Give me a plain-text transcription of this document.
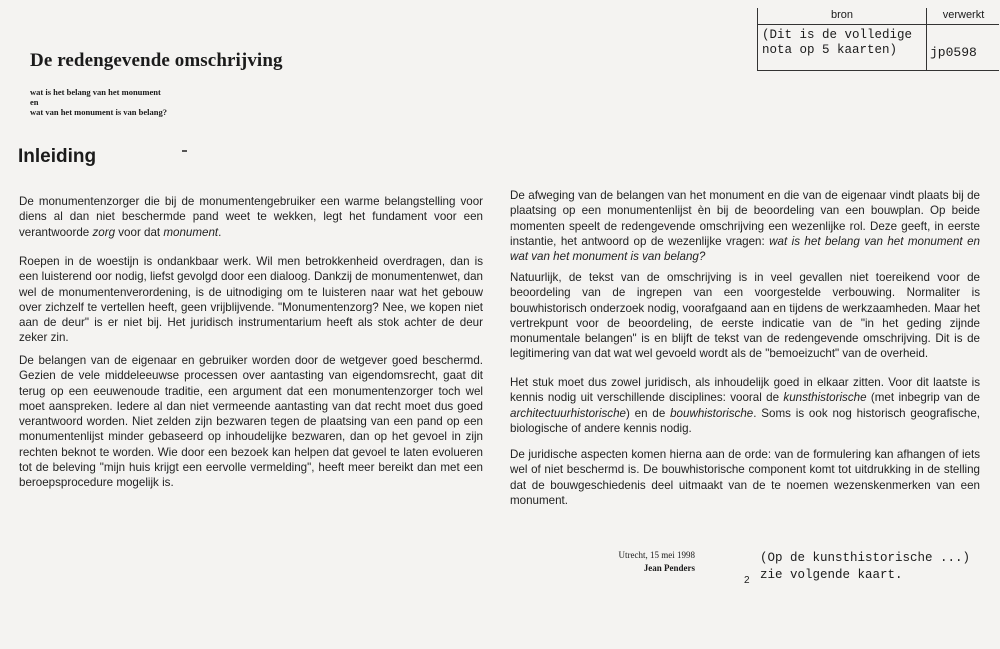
bron	verwerkt
(Dit is de volledige
nota op 5 kaarten)	jp0598
De redengevende omschrijving
wat is het belang van het monument
en
wat van het monument is van belang?
Inleiding

De monumentenzorger die bij de monumentengebruiker een warme belangstelling voor diens al dan niet beschermde pand weet te wekken, legt het fundament voor een verantwoorde zorg voor dat monument.

Roepen in de woestijn is ondankbaar werk. Wil men betrokkenheid overdragen, dan is een luisterend oor nodig, liefst gevolgd door een dialoog. Dankzij de monumentenwet, dan wel de monumentenverordening, is de uitnodiging om te luisteren naar wat het gebouw over zichzelf te vertellen heeft, geen vrijblijvende. "Monumentenzorg? Nee, we kopen niet aan de deur" is er niet bij. Het juridisch instrumentarium heeft als stok achter de deur zeker zin.

De belangen van de eigenaar en gebruiker worden door de wetgever goed beschermd. Gezien de vele middeleeuwse processen over aantasting van eigendomsrecht, gaat dit terug op een eeuwenoude traditie, een argument dat een monumentenzorger toch wel moet aanspreken. Iedere al dan niet vermeende aantasting van dat recht moet dus goed verantwoord worden. Niet zelden zijn bezwaren tegen de plaatsing van een pand op een monumentenlijst minder gebaseerd op inhoudelijke bezwaren, dan op het gevoel in zijn rechten beknot te worden. Wie door een bezoek kan helpen dat gevoel te laten evolueren tot de beleving "mijn huis krijgt een eervolle vermelding", heeft meer bereikt dan met een beroepsprocedure mogelijk is.

De afweging van de belangen van het monument en die van de eigenaar vindt plaats bij de plaatsing op een monumentenlijst èn bij de beoordeling van een bouwplan. Op beide momenten speelt de redengevende omschrijving een wezenlijke rol. Deze geeft, in eerste instantie, het antwoord op de wezenlijke vragen: wat is het belang van het monument en wat van het monument is van belang?

Natuurlijk, de tekst van de omschrijving is in veel gevallen niet toereikend voor de beoordeling van de ingrepen van een voorgestelde verbouwing. Normaliter is bouwhistorisch onderzoek nodig, voorafgaand aan en tijdens de werkzaamheden. Maar het vertrekpunt voor de beoordeling, de eerste indicatie van de "in het geding zijnde monumentale belangen" is en blijft de tekst van de redengevende omschrijving. Dit is de legitimering van dat wat wel gevoeld wordt als de "bemoeizucht" van de overheid.

Het stuk moet dus zowel juridisch, als inhoudelijk goed in elkaar zitten. Voor dit laatste is kennis nodig uit verschillende disciplines: vooral de kunsthistorische (met inbegrip van de architectuurhistorische) en de bouwhistorische. Soms is ook nog historisch geografische, biologische of andere kennis nodig.

De juridische aspecten komen hierna aan de orde: van de formulering kan afhangen of iets wel of niet beschermd is. De bouwhistorische component komt tot uitdrukking in de stelling dat de bouwgeschiedenis deel uitmaakt van de te noemen wezenskenmerken van een monument.

Utrecht, 15 mei 1998
Jean Penders
2
(Op de kunsthistorische ...)
zie volgende kaart.
